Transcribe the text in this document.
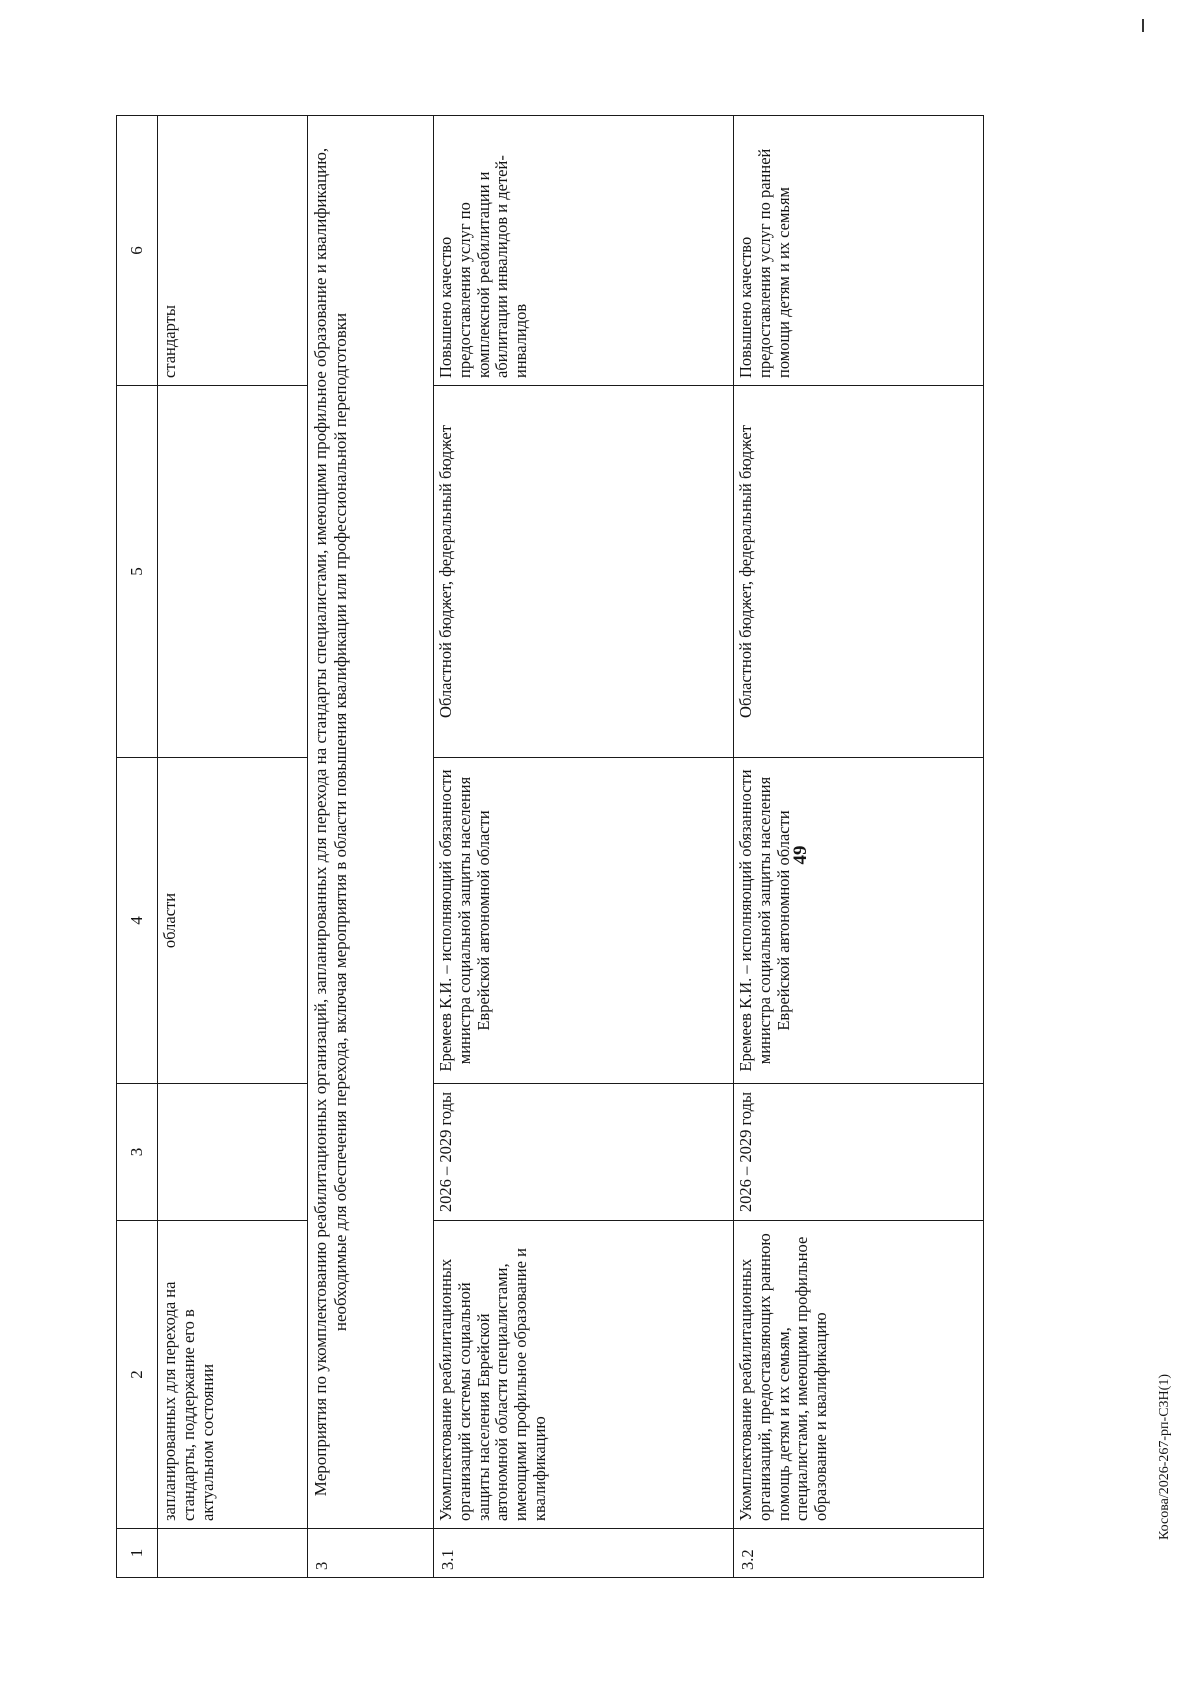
49
1	2	3	4	5	6
	запланированных для перехода на стандарты, поддержание его в актуальном состоянии		области		стандарты
3	Мероприятия по укомплектованию реабилитационных организаций, запланированных для перехода на стандарты специалистами, имеющими профильное образование и квалификацию, необходимые для обеспечения перехода, включая мероприятия в области повышения квалификации или профессиональной переподготовки				
3.1	Укомплектование реабилитационных организаций системы социальной защиты населения Еврейской автономной области специалистами, имеющими профильное образование и квалификацию	2026 – 2029 годы	Еремеев К.И. – исполняющий обязанности министра социальной защиты населения Еврейской автономной области	Областной бюджет, федеральный бюджет	Повышено качество предоставления услуг по комплексной реабилитации и абилитации инвалидов и детей-инвалидов
3.2	Укомплектование реабилитационных организаций, предоставляющих раннюю помощь детям и их семьям, специалистами, имеющими профильное образование и квалификацию	2026 – 2029 годы	Еремеев К.И. – исполняющий обязанности министра социальной защиты населения Еврейской автономной области	Областной бюджет, федеральный бюджет	Повышено качество предоставления услуг по ранней помощи детям и их семьям
Косова/2026-267-рп-СЗН(1)
